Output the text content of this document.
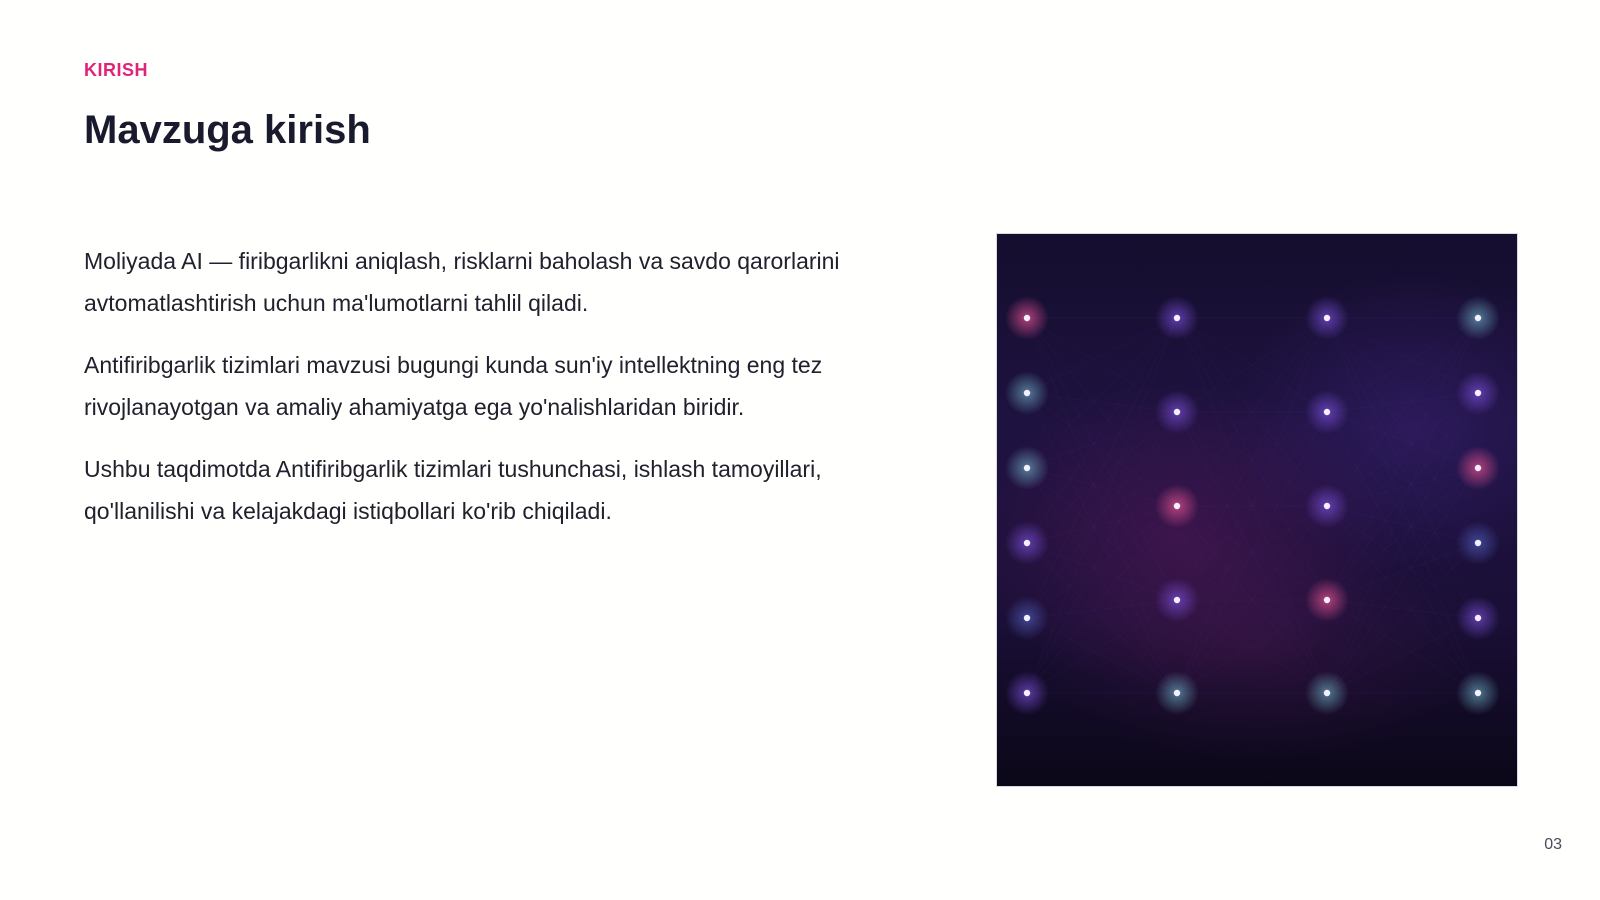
KIRISH
Mavzuga kirish

Moliyada AI — firibgarlikni aniqlash, risklarni baholash va savdo qarorlarini avtomatlashtirish uchun ma'lumotlarni tahlil qiladi.

Antifiribgarlik tizimlari mavzusi bugungi kunda sun'iy intellektning eng tez rivojlanayotgan va amaliy ahamiyatga ega yo'nalishlaridan biridir.

Ushbu taqdimotda Antifiribgarlik tizimlari tushunchasi, ishlash tamoyillari, qo'llanilishi va kelajakdagi istiqbollari ko'rib chiqiladi.

03
